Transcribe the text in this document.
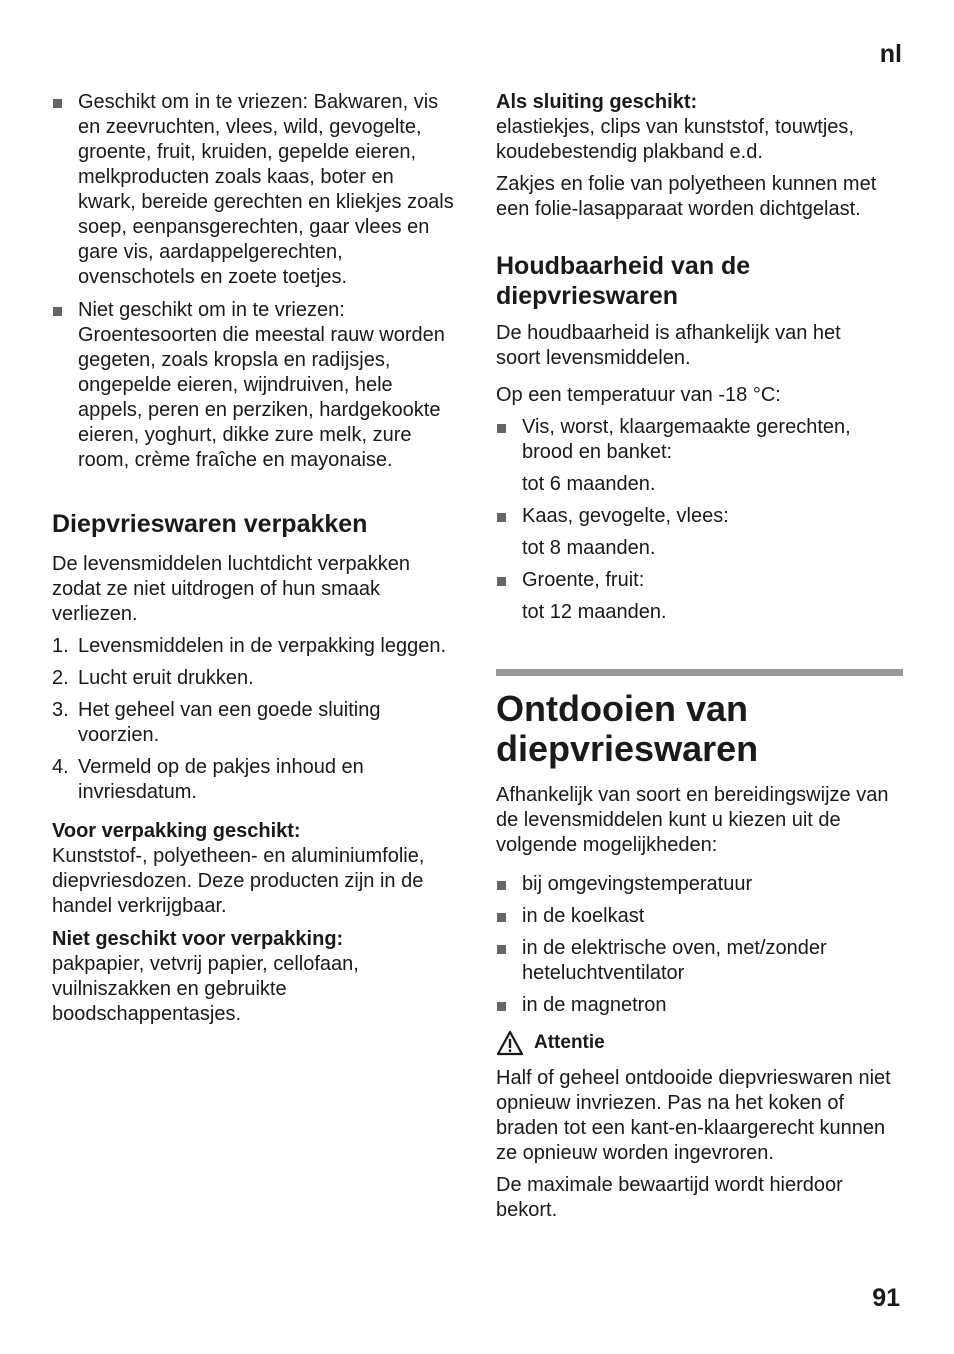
nl
Geschikt om in te vriezen: Bakwaren, vis en zeevruchten, vlees, wild, gevogelte, groente, fruit, kruiden, gepelde eieren, melkproducten zoals kaas, boter en kwark, bereide gerechten en kliekjes zoals soep, eenpansgerechten, gaar vlees en gare vis, aardappelgerechten, ovenschotels en zoete toetjes.
Niet geschikt om in te vriezen: Groentesoorten die meestal rauw worden gegeten, zoals kropsla en radijsjes, ongepelde eieren, wijndruiven, hele appels, peren en perziken, hardgekookte eieren, yoghurt, dikke zure melk, zure room, crème fraîche en mayonaise.
Diepvrieswaren verpakken

De levensmiddelen luchtdicht verpakken zodat ze niet uitdrogen of hun smaak verliezen.

1. Levensmiddelen in de verpakking leggen.
2. Lucht eruit drukken.
3. Het geheel van een goede sluiting voorzien.
4. Vermeld op de pakjes inhoud en invriesdatum.

Voor verpakking geschikt:
Kunststof-, polyetheen- en aluminiumfolie, diepvriesdozen. Deze producten zijn in de handel verkrijgbaar.

Niet geschikt voor verpakking:
pakpapier, vetvrij papier, cellofaan, vuilniszakken en gebruikte boodschappentasjes.

Als sluiting geschikt:
elastiekjes, clips van kunststof, touwtjes, koudebestendig plakband e.d.

Zakjes en folie van polyetheen kunnen met een folie-lasapparaat worden dichtgelast.

Houdbaarheid van de diepvrieswaren

De houdbaarheid is afhankelijk van het soort levensmiddelen.

Op een temperatuur van -18 °C:

Vis, worst, klaargemaakte gerechten, brood en banket:
tot 6 maanden.
Kaas, gevogelte, vlees:
tot 8 maanden.
Groente, fruit:
tot 12 maanden.
Ontdooien van diepvrieswaren

Afhankelijk van soort en bereidingswijze van de levensmiddelen kunt u kiezen uit de volgende mogelijkheden:

bij omgevingstemperatuur
in de koelkast
in de elektrische oven, met/zonder heteluchtventilator
in de magnetron
Attentie

Half of geheel ontdooide diepvrieswaren niet opnieuw invriezen. Pas na het koken of braden tot een kant-en-klaargerecht kunnen ze opnieuw worden ingevroren.

De maximale bewaartijd wordt hierdoor bekort.

91
